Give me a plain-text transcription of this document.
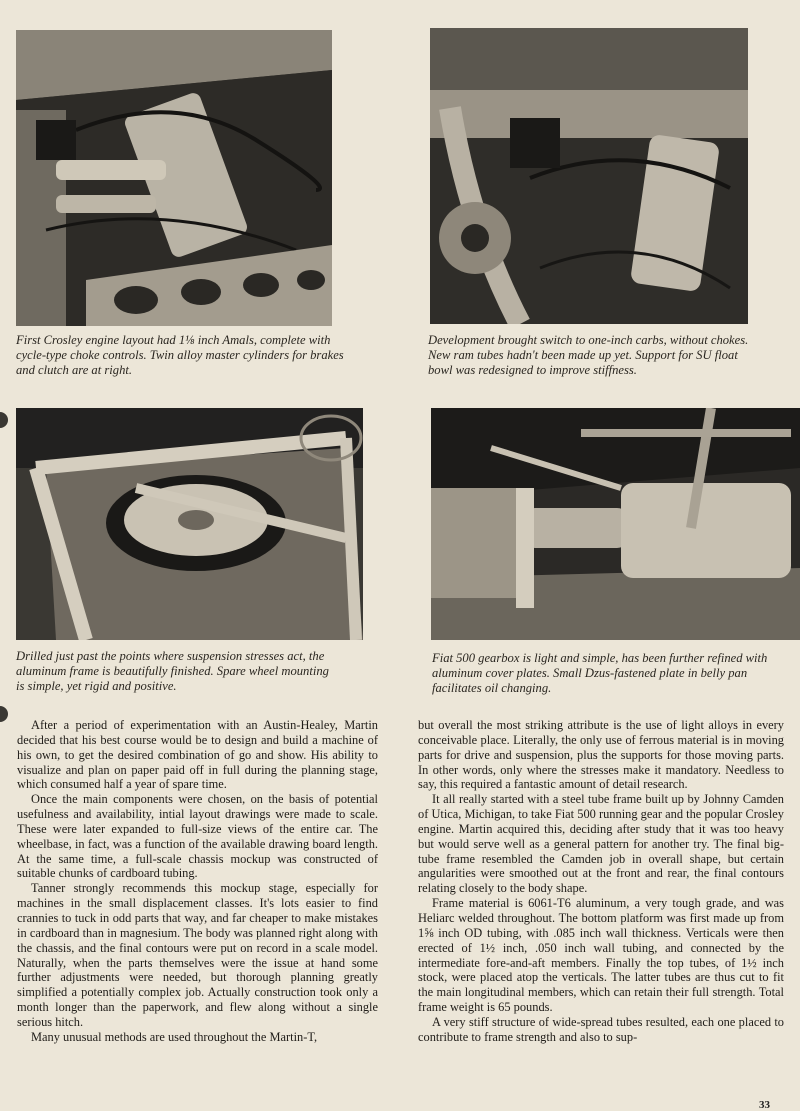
First Crosley engine layout had 1⅛ inch Amals, complete with cycle-type choke controls. Twin alloy master cylinders for brakes and clutch are at right.
Development brought switch to one-inch carbs, without chokes. New ram tubes hadn't been made up yet. Support for SU float bowl was redesigned to improve stiffness.
Drilled just past the points where suspension stresses act, the aluminum frame is beautifully finished. Spare wheel mounting is simple, yet rigid and positive.
Fiat 500 gearbox is light and simple, has been further refined with aluminum cover plates. Small Dzus-fastened plate in belly pan facilitates oil changing.

After a period of experimentation with an Austin-Healey, Martin decided that his best course would be to design and build a machine of his own, to get the desired combination of go and show. His ability to visualize and plan on paper paid off in full during the planning stage, which consumed half a year of spare time.

Once the main components were chosen, on the basis of potential usefulness and availability, intial layout drawings were made to scale. These were later expanded to full-size views of the entire car. The wheelbase, in fact, was a function of the available drawing board length. At the same time, a full-scale chassis mockup was constructed of suitable chunks of cardboard tubing.

Tanner strongly recommends this mockup stage, especially for machines in the small displacement classes. It's lots easier to find crannies to tuck in odd parts that way, and far cheaper to make mistakes in cardboard than in magnesium. The body was planned right along with the chassis, and the final contours were put on record in a scale model. Naturally, when the parts themselves were the issue at hand some further adjustments were needed, but thorough planning greatly simplified a potentially complex job. Actually construction took only a month longer than the paperwork, and flew along without a single serious hitch.

Many unusual methods are used throughout the Martin-T,

but overall the most striking attribute is the use of light alloys in every conceivable place. Literally, the only use of ferrous material is in moving parts for drive and suspension, plus the supports for those moving parts. In other words, only where the stresses make it mandatory. Needless to say, this required a fantastic amount of detail research.

It all really started with a steel tube frame built up by Johnny Camden of Utica, Michigan, to take Fiat 500 running gear and the popular Crosley engine. Martin acquired this, deciding after study that it was too heavy but would serve well as a general pattern for another try. The final big-tube frame resembled the Camden job in overall shape, but certain angularities were smoothed out at the front and rear, the final contours relating closely to the body shape.

Frame material is 6061-T6 aluminum, a very tough grade, and was Heliarc welded throughout. The bottom platform was first made up from 1⅝ inch OD tubing, with .085 inch wall thickness. Verticals were then erected of 1½ inch, .050 inch wall tubing, and connected by the intermediate fore-and-aft members. Finally the top tubes, of 1½ inch stock, were placed atop the verticals. The latter tubes are thus cut to fit the main longitudinal members, which can retain their full strength. Total frame weight is 65 pounds.

A very stiff structure of wide-spread tubes resulted, each one placed to contribute to frame strength and also to sup-

33
